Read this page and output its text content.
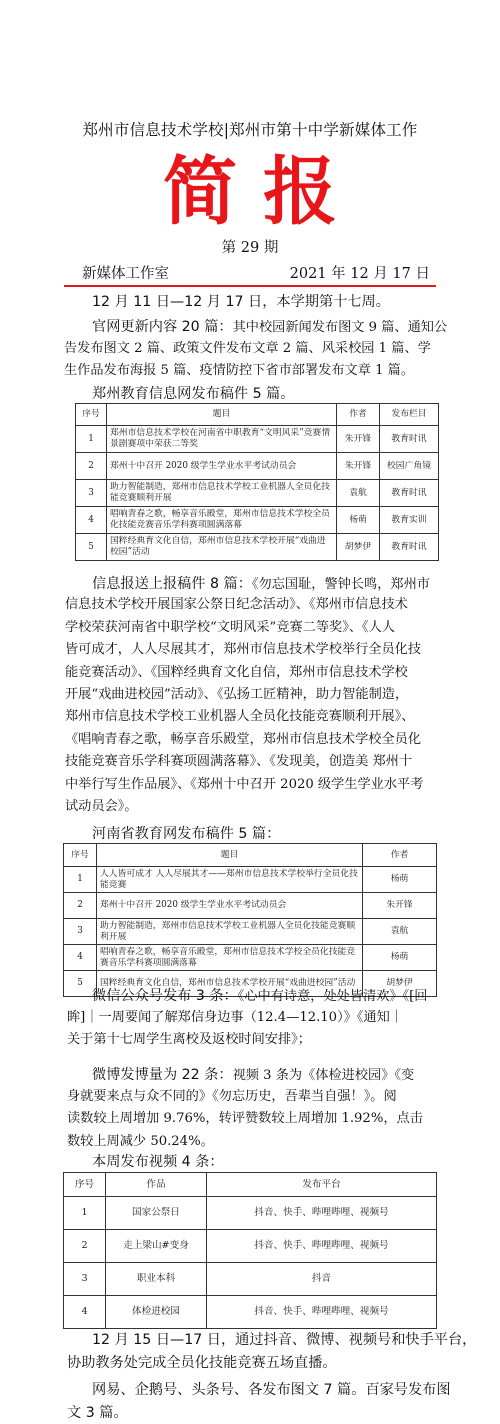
郑州市信息技术学校|郑州市第十中学新媒体工作
简报
第 29 期
新媒体工作室	2021 年 12 月 17 日
12 月 11 日—12 月 17 日，本学期第十七周。
官网更新内容 20 篇：其中校园新闻发布图文 9 篇、通知公
告发布图文 2 篇、政策文件发布文章 2 篇、风采校园 1 篇、学
生作品发布海报 5 篇、疫情防控下省市部署发布文章 1 篇。
郑州教育信息网发布稿件 5 篇。
序号	题目	作者	发布栏目
1	郑州市信息技术学校在河南省中职教育“文明风采”竞赛情景剧赛项中荣获二等奖	朱开锋	教育时讯
2	郑州十中召开 2020 级学生学业水平考试动员会	朱开锋	校园广角镜
3	助力智能制造，郑州市信息技术学校工业机器人全员化技能竞赛顺利开展	袁航	教育时讯
4	唱响青春之歌，畅享音乐殿堂，郑州市信息技术学校全员化技能竞赛音乐学科赛项圆满落幕	杨萌	教育实训
5	国粹经典育文化自信，郑州市信息技术学校开展“戏曲进校园”活动	胡梦伊	教育时讯
信息报送上报稿件 8 篇：《勿忘国耻，警钟长鸣，郑州市
信息技术学校开展国家公祭日纪念活动》、《郑州市信息技术
学校荣获河南省中职学校“文明风采”竞赛二等奖》、《人人
皆可成才，人人尽展其才，郑州市信息技术学校举行全员化技
能竞赛活动》、《国粹经典育文化自信，郑州市信息技术学校
开展“戏曲进校园”活动》、《弘扬工匠精神，助力智能制造，
郑州市信息技术学校工业机器人全员化技能竞赛顺利开展》、
《唱响青春之歌，畅享音乐殿堂，郑州市信息技术学校全员化
技能竞赛音乐学科赛项圆满落幕》、《发现美，创造美 郑州十
中举行写生作品展》、《郑州十中召开 2020 级学生学业水平考
试动员会》。
河南省教育网发布稿件 5 篇：
序号	题目	作者
1	人人皆可成才 人人尽展其才——郑州市信息技术学校举行全员化技能竞赛	杨萌
2	郑州十中召开 2020 级学生学业水平考试动员会	朱开锋
3	助力智能制造，郑州市信息技术学校工业机器人全员化技能竞赛顺利开展	袁航
4	唱响青春之歌，畅享音乐殿堂，郑州市信息技术学校全员化技能竞赛音乐学科赛项圆满落幕	杨萌
5	国粹经典育文化自信，郑州市信息技术学校开展“戏曲进校园”活动	胡梦伊
微信公众号发布 3 条：《心中有诗意，处处皆清欢》《[回
眸]｜一周要闻了解郑信身边事（12.4—12.10）》《通知｜
关于第十七周学生离校及返校时间安排》；
微博发博量为 22 条：视频 3 条为《体检进校园》《变
身就要来点与众不同的》《勿忘历史，吾辈当自强！》。阅
读数较上周增加 9.76%，转评赞数较上周增加 1.92%，点击
数较上周减少 50.24%。
本周发布视频 4 条：
序号	作品	发布平台
1	国家公祭日	抖音、快手、哔哩哔哩、视频号
2	走上梁山#变身	抖音、快手、哔哩哔哩、视频号
3	职业本科	抖音
4	体检进校园	抖音、快手、哔哩哔哩、视频号
12 月 15 日—17 日，通过抖音、微博、视频号和快手平台，
协助教务处完成全员化技能竞赛五场直播。
网易、企鹅号、头条号、各发布图文 7 篇。百家号发布图
文 3 篇。
